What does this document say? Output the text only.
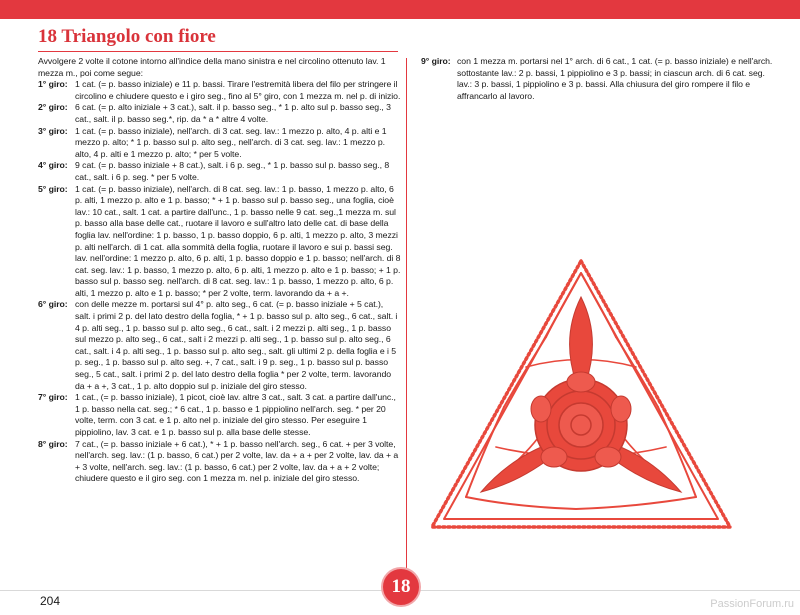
18 Triangolo con fiore
Avvolgere 2 volte il cotone intorno all'indice della mano sinistra e nel circolino ottenuto lav. 1 mezza m., poi come segue:
1° giro: 1 cat. (= p. basso iniziale) e 11 p. bassi. Tirare l'estremità libera del filo per stringere il circolino e chiudere questo e i giro seg., fino al 5° giro, con 1 mezza m. nel p. di inizio.
2° giro: 6 cat. (= p. alto iniziale + 3 cat.), salt. il p. basso seg., * 1 p. alto sul p. basso seg., 3 cat., salt. il p. basso seg.*, rip. da * a * altre 4 volte.
3° giro: 1 cat. (= p. basso iniziale), nell'arch. di 3 cat. seg. lav.: 1 mezzo p. alto, 4 p. alti e 1 mezzo p. alto; * 1 p. basso sul p. alto seg., nell'arch. di 3 cat. seg. lav.: 1 mezzo p. alto, 4 p. alti e 1 mezzo p. alto; * per 5 volte.
4° giro: 9 cat. (= p. basso iniziale + 8 cat.), salt. i 6 p. seg., * 1 p. basso sul p. basso seg., 8 cat., salt. i 6 p. seg. * per 5 volte.
5° giro: 1 cat. (= p. basso iniziale), nell'arch. di 8 cat. seg. lav.: 1 p. basso, 1 mezzo p. alto, 6 p. alti, 1 mezzo p. alto e 1 p. basso; * + 1 p. basso sul p. basso seg., una foglia, cioè lav.: 10 cat., salt. 1 cat. a partire dall'unc., 1 p. basso nelle 9 cat. seg.,1 mezza m. sul p. basso alla base delle cat., ruotare il lavoro e sull'altro lato delle cat. di base della foglia lav. nell'ordine: 1 p. basso, 1 p. basso doppio, 6 p. alti, 1 mezzo p. alto, 3 mezzi p. alti nell'arch. di 1 cat. alla sommità della foglia, ruotare il lavoro e sui p. bassi seg. lav. nell'ordine: 1 mezzo p. alto, 6 p. alti, 1 p. basso doppio e 1 p. basso; nell'arch. di 8 cat. seg. lav.: 1 p. basso, 1 mezzo p. alto, 6 p. alti, 1 mezzo p. alto e 1 p. basso; + 1 p. basso sul p. basso seg. nell'arch. di 8 cat. seg. lav.: 1 p. basso, 1 mezzo p. alto, 6 p. alti, 1 mezzo p. alto e 1 p. basso; * per 2 volte, term. lavorando da + a +.
6° giro: con delle mezze m. portarsi sul 4° p. alto seg., 6 cat. (= p. basso iniziale + 5 cat.), salt. i primi 2 p. del lato destro della foglia, * + 1 p. basso sul p. alto seg., 6 cat., salt. i 4 p. alti seg., 1 p. basso sul p. alto seg., 6 cat., salt. i 2 mezzi p. alti seg., 1 p. basso sul mezzo p. alto seg., 6 cat., salt i 2 mezzi p. alti seg., 1 p. basso sul p. alto seg., 6 cat., salt. i 4 p. alti seg., 1 p. basso sul p. alto seg., salt. gli ultimi 2 p. della foglia e i 5 p. seg., 1 p. basso sul p. alto seg. +, 7 cat., salt. i 9 p. seg., 1 p. basso sul p. basso seg., 5 cat., salt. i primi 2 p. del lato destro della foglia * per 2 volte, term. lavorando da + a +, 3 cat., 1 p. alto doppio sul p. iniziale del giro stesso.
7° giro: 1 cat., (= p. basso iniziale), 1 picot, cioè lav. altre 3 cat., salt. 3 cat. a partire dall'unc., 1 p. basso nella cat. seg.; * 6 cat., 1 p. basso e 1 pippiolino nell'arch. seg. * per 20 volte, term. con 3 cat. e 1 p. alto nel p. iniziale del giro stesso. Per eseguire 1 pippiolino, lav. 3 cat. e 1 p. basso sul p. alla base delle stesse.
8° giro: 7 cat., (= p. basso iniziale + 6 cat.), * + 1 p. basso nell'arch. seg., 6 cat. + per 3 volte, nell'arch. seg. lav.: (1 p. basso, 6 cat.) per 2 volte, lav. da + a + per 2 volte, lav. da + a + 3 volte, nell'arch. seg. lav.: (1 p. basso, 6 cat.) per 2 volte, lav. da + a + 2 volte; chiudere questo e il giro seg. con 1 mezza m. nel p. iniziale del giro stesso.
9° giro: con 1 mezza m. portarsi nel 1° arch. di 6 cat., 1 cat. (= p. basso iniziale) e nell'arch. sottostante lav.: 2 p. bassi, 1 pippiolino e 3 p. bassi; in ciascun arch. di 6 cat. seg. lav.: 3 p. bassi, 1 pippiolino e 3 p. bassi. Alla chiusura del giro rompere il filo e affrancarlo al lavoro.
204
18
PassionForum.ru
